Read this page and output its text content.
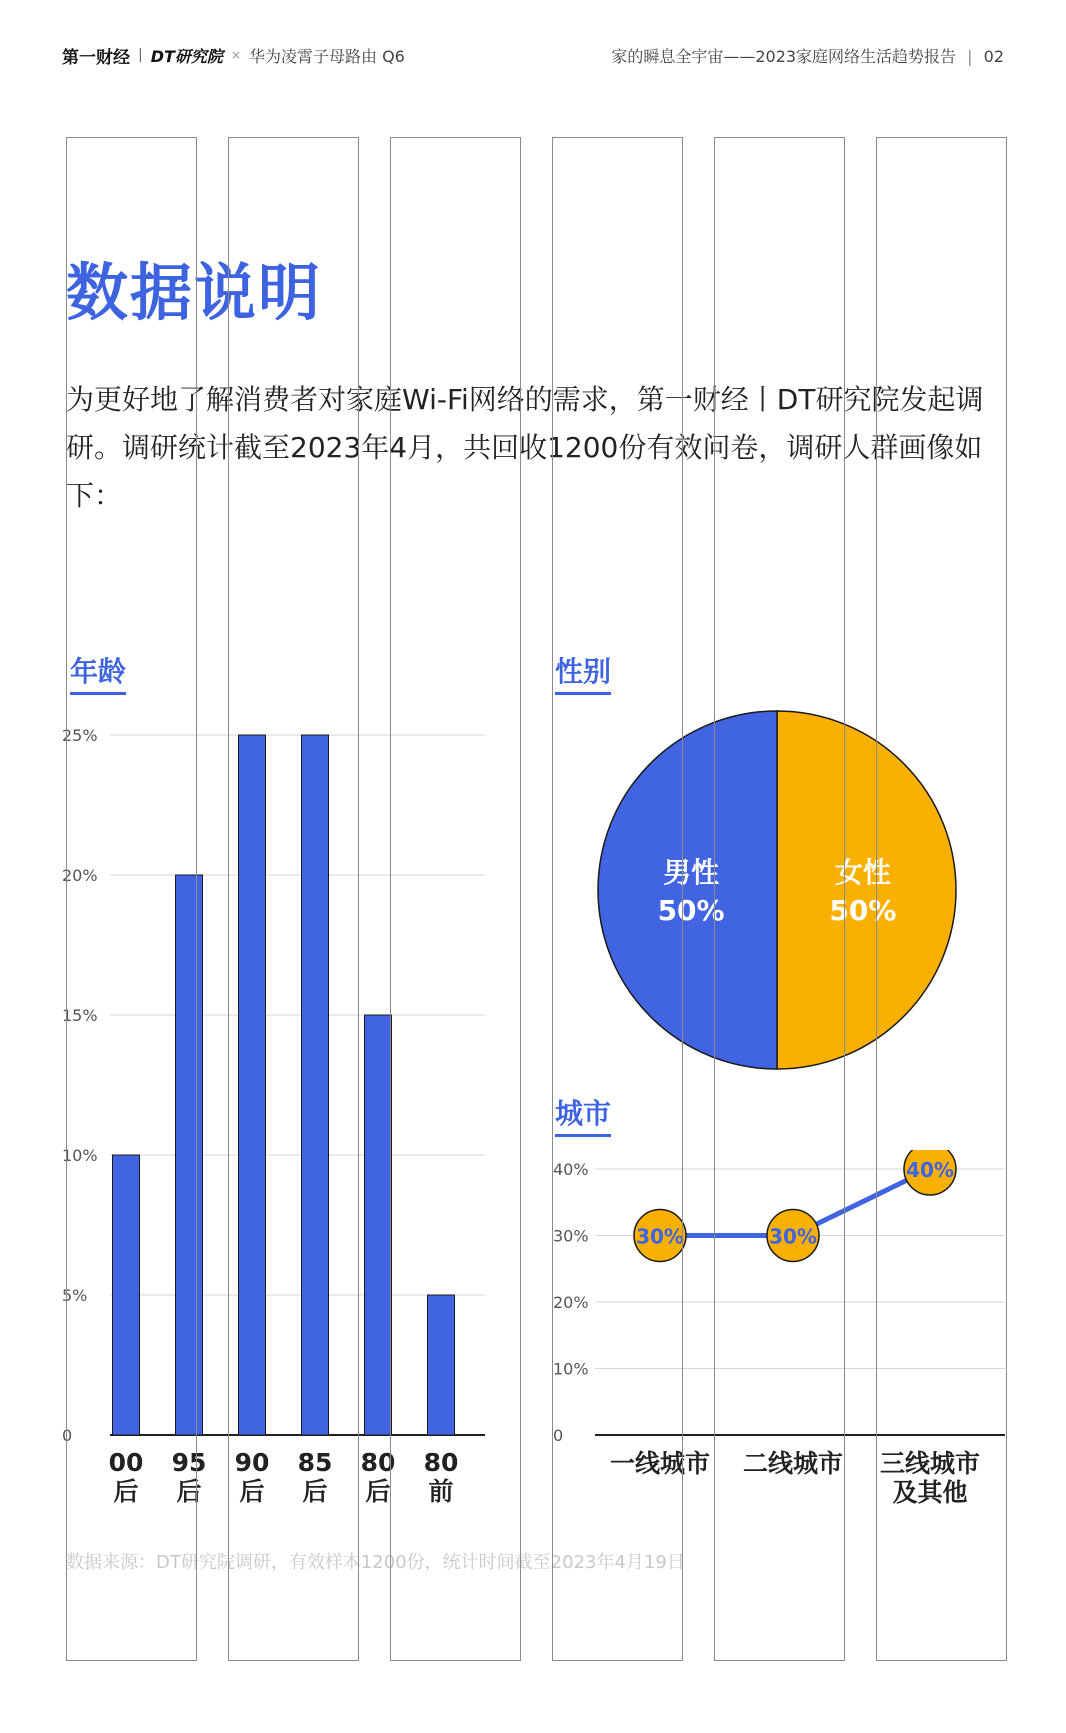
第一财经 | DT研究院 × 华为凌霄子母路由 Q6	家的瞬息全宇宙——2023家庭网络生活趋势报告 | 02
数据说明
为更好地了解消费者对家庭Wi-Fi网络的需求，第一财经丨DT研究院发起调研。调研统计截至2023年4月，共回收1200份有效问卷，调研人群画像如下：
年龄	性别
城市
0
5%
10%
15%
20%
25%
00
后
95
后
90
后
85
后
80
后
80
前
女性
50%
男性
50%
0
10%
20%
30%
40%
30%	30%
40%
一线城市 二线城市 三线城市
及其他
数据来源：DT研究院调研，有效样本1200份，统计时间截至2023年4月19日
